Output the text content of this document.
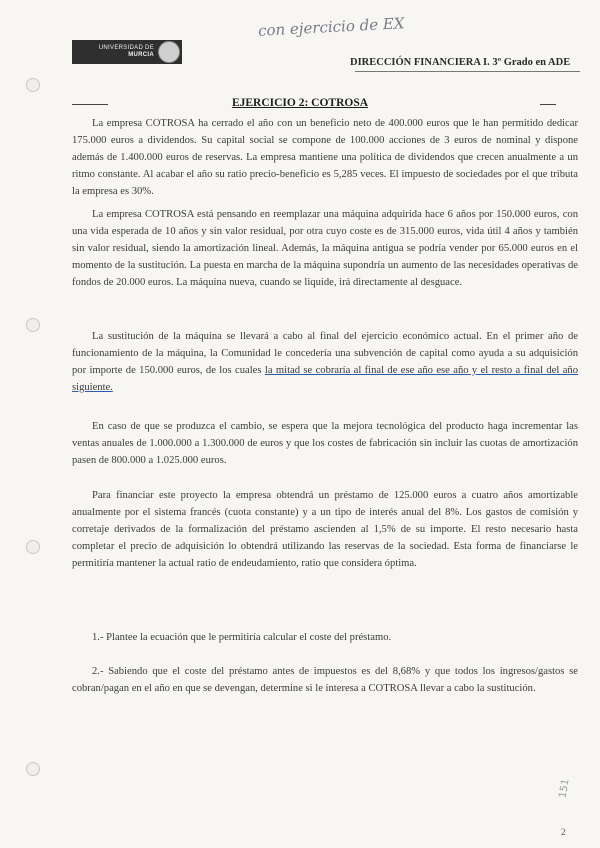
UNIVERSIDAD DE
MURCIA
con ejercicio de EX
DIRECCIÓN FINANCIERA I. 3º Grado en ADE
EJERCICIO 2: COTROSA

La empresa COTROSA ha cerrado el año con un beneficio neto de 400.000 euros que le han permitido dedicar 175.000 euros a dividendos. Su capital social se compone de 100.000 acciones de 3 euros de nominal y dispone además de 1.400.000 euros de reservas. La empresa mantiene una política de dividendos que crecen anualmente a un ritmo constante. Al acabar el año su ratio precio-beneficio es 5,285 veces. El impuesto de sociedades por el que tributa la empresa es 30%.

La empresa COTROSA está pensando en reemplazar una máquina adquirida hace 6 años por 150.000 euros, con una vida esperada de 10 años y sin valor residual, por otra cuyo coste es de 315.000 euros, vida útil 4 años y también sin valor residual, siendo la amortización lineal. Además, la máquina antigua se podría vender por 65.000 euros en el momento de la sustitución. La puesta en marcha de la máquina supondría un aumento de las necesidades operativas de fondos de 20.000 euros. La máquina nueva, cuando se liquide, irá directamente al desguace.

La sustitución de la máquina se llevará a cabo al final del ejercicio económico actual. En el primer año de funcionamiento de la máquina, la Comunidad le concedería una subvención de capital como ayuda a su adquisición por importe de 150.000 euros, de los cuales la mitad se cobraría al final de ese año ese año y el resto a final del año siguiente.

En caso de que se produzca el cambio, se espera que la mejora tecnológica del producto haga incrementar las ventas anuales de 1.000.000 a 1.300.000 de euros y que los costes de fabricación sin incluir las cuotas de amortización pasen de 800.000 a 1.025.000 euros.

Para financiar este proyecto la empresa obtendrá un préstamo de 125.000 euros a cuatro años amortizable anualmente por el sistema francés (cuota constante) y a un tipo de interés anual del 8%. Los gastos de comisión y corretaje derivados de la formalización del préstamo ascienden al 1,5% de su importe. El resto necesario hasta completar el precio de adquisición lo obtendrá utilizando las reservas de la sociedad. Esta forma de financiarse le permitiría mantener la actual ratio de endeudamiento, ratio que considera óptima.

1.- Plantee la ecuación que le permitiría calcular el coste del préstamo.

2.- Sabiendo que el coste del préstamo antes de impuestos es del 8,68% y que todos los ingresos/gastos se cobran/pagan en el año en que se devengan, determine si le interesa a COTROSA llevar a cabo la sustitución.

151
2
